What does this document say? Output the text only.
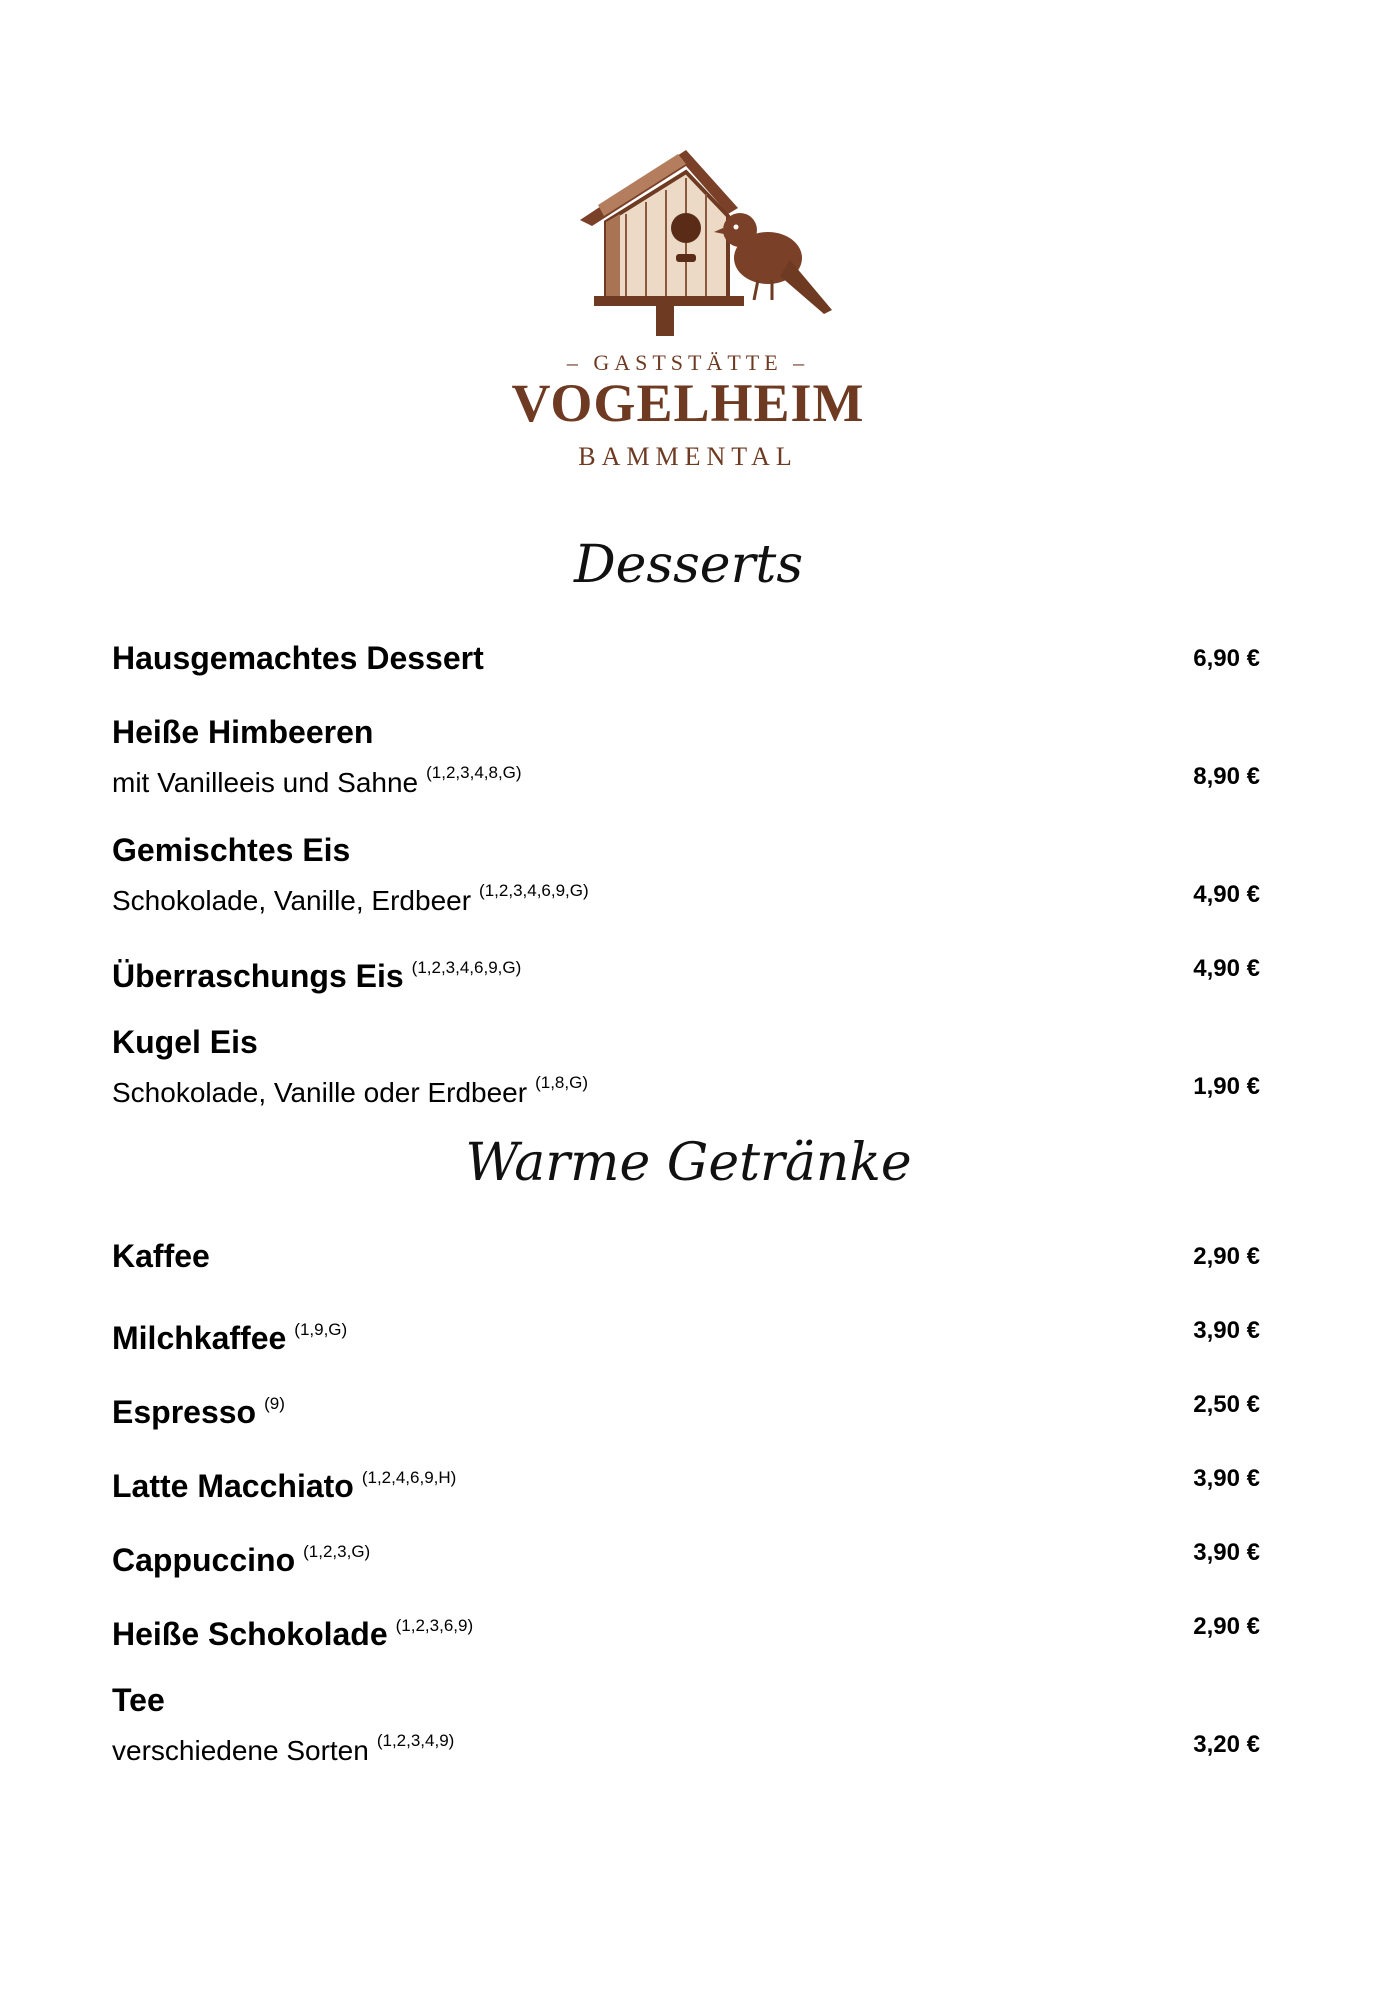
– GASTSTÄTTE –
VOGELHEIM
BAMMENTAL
Desserts
Hausgemachtes Dessert	6,90 €
Heiße Himbeeren
mit Vanilleeis und Sahne $^{(1,2,3,4,8,G)}$	8,90 €
Gemischtes Eis
Schokolade, Vanille, Erdbeer $^{(1,2,3,4,6,9,G)}$	4,90 €
Überraschungs Eis $^{(1,2,3,4,6,9,G)}$	4,90 €
Kugel Eis
Schokolade, Vanille oder Erdbeer $^{(1,8,G)}$	1,90 €
Warme Getränke
Kaffee	2,90 €
Milchkaffee $^{(1,9,G)}$	3,90 €
Espresso $^{(9)}$	2,50 €
Latte Macchiato $^{(1,2,4,6,9,H)}$	3,90 €
Cappuccino $^{(1,2,3,G)}$	3,90 €
Heiße Schokolade $^{(1,2,3,6,9)}$	2,90 €
Tee
verschiedene Sorten $^{(1,2,3,4,9)}$	3,20 €
